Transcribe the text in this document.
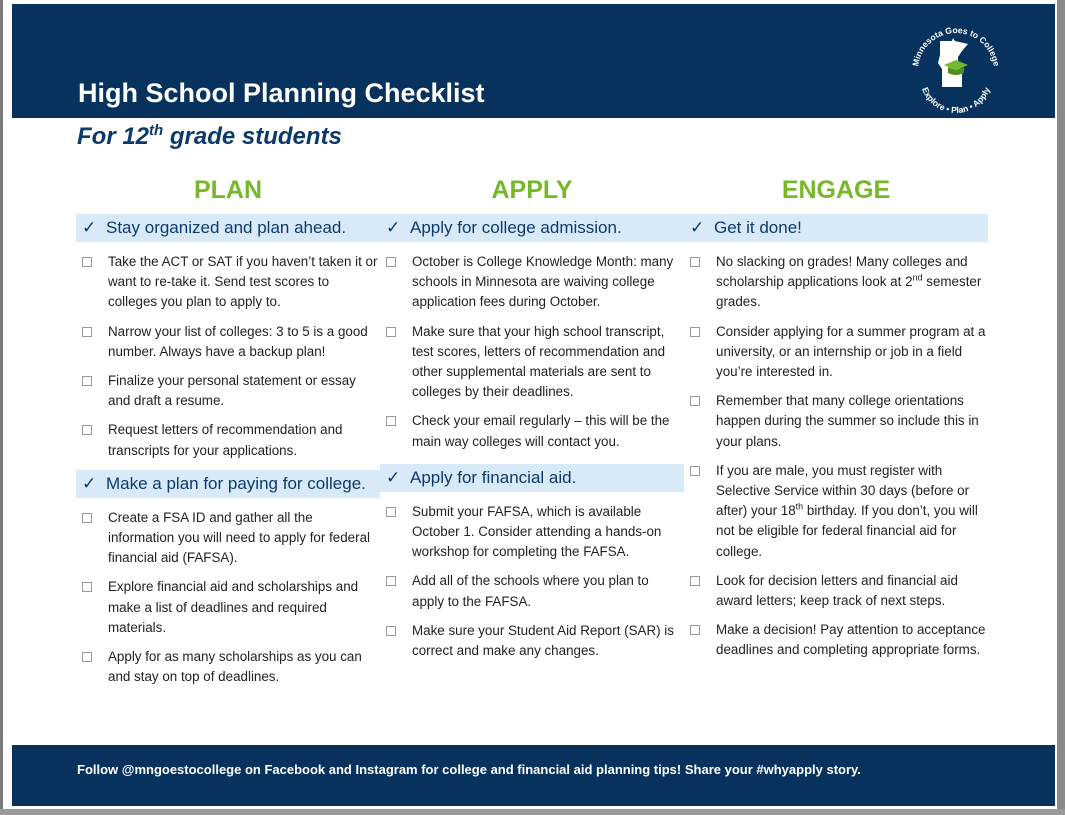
High School Planning Checklist
Minnesota Goes to College
Explore • Plan • Apply
For 12th grade students
PLAN
✓ Stay organized and plan ahead.
Take the ACT or SAT if you haven’t taken it or want to re-take it. Send test scores to colleges you plan to apply to.
Narrow your list of colleges: 3 to 5 is a good number. Always have a backup plan!
Finalize your personal statement or essay and draft a resume.
Request letters of recommendation and transcripts for your applications.
✓ Make a plan for paying for college.
Create a FSA ID and gather all the information you will need to apply for federal financial aid (FAFSA).
Explore financial aid and scholarships and make a list of deadlines and required materials.
Apply for as many scholarships as you can and stay on top of deadlines.
APPLY
✓ Apply for college admission.
October is College Knowledge Month: many schools in Minnesota are waiving college application fees during October.
Make sure that your high school transcript, test scores, letters of recommendation and other supplemental materials are sent to colleges by their deadlines.
Check your email regularly – this will be the main way colleges will contact you.
✓ Apply for financial aid.
Submit your FAFSA, which is available October 1. Consider attending a hands-on workshop for completing the FAFSA.
Add all of the schools where you plan to apply to the FAFSA.
Make sure your Student Aid Report (SAR) is correct and make any changes.
ENGAGE
✓ Get it done!
No slacking on grades! Many colleges and scholarship applications look at 2nd semester grades.
Consider applying for a summer program at a university, or an internship or job in a field you’re interested in.
Remember that many college orientations happen during the summer so include this in your plans.
If you are male, you must register with Selective Service within 30 days (before or after) your 18th birthday. If you don’t, you will not be eligible for federal financial aid for college.
Look for decision letters and financial aid award letters; keep track of next steps.
Make a decision! Pay attention to acceptance deadlines and completing appropriate forms.
Follow @mngoestocollege on Facebook and Instagram for college and financial aid planning tips! Share your #whyapply story.
